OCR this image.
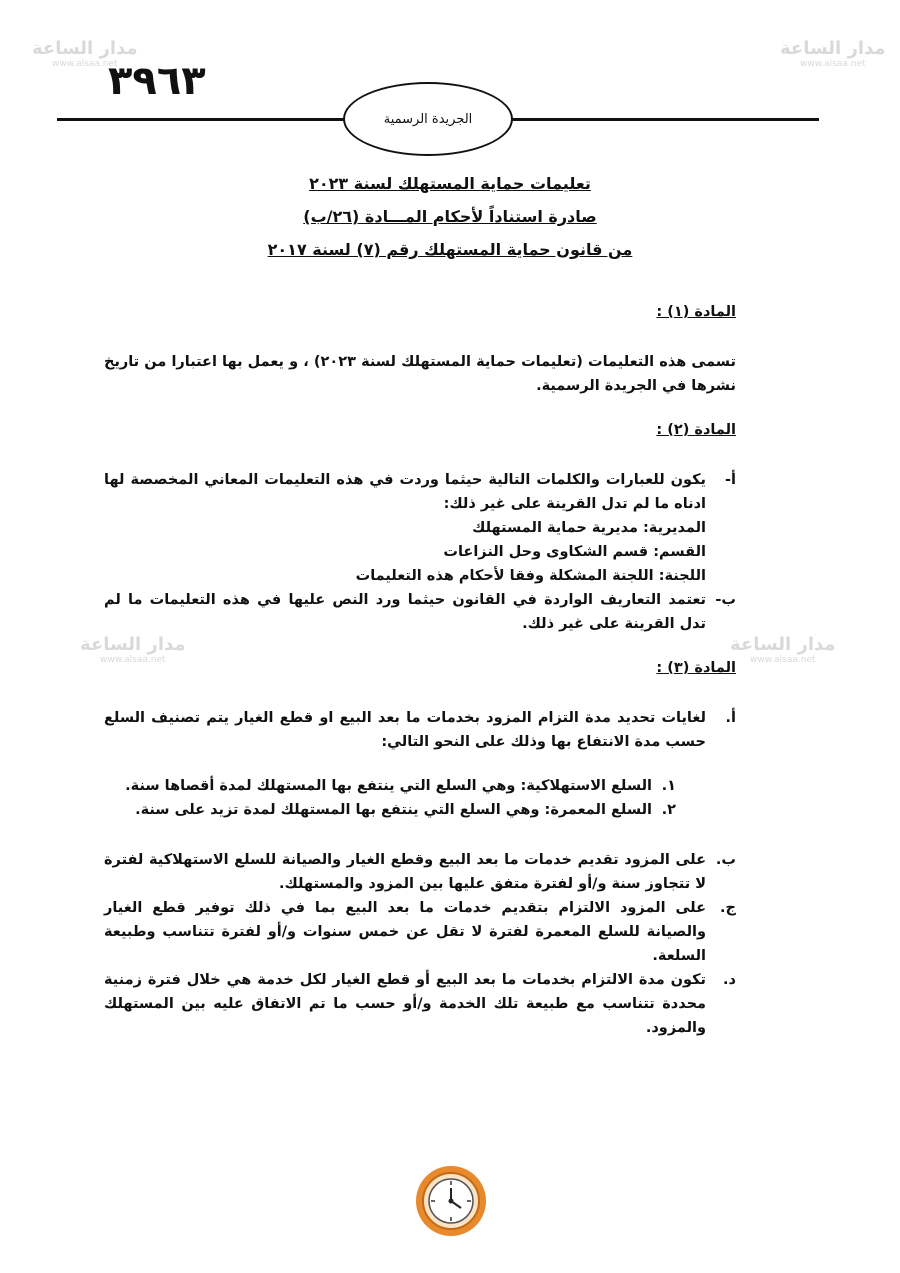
مدار الساعة
www.alsaa.net
مدار الساعة
www.alsaa.net
مدار الساعة
www.alsaa.net
مدار الساعة
www.alsaa.net
٣٩٦٣
الجريدة الرسمية

تعليمات حماية المستهلك لسنة ٢٠٢٣

صادرة استناداً لأحكام المـــادة (٢٦/ب)

من قانون حماية المستهلك رقم (٧) لسنة ٢٠١٧

المادة (١) :

تسمى هذه التعليمات (تعليمات حماية المستهلك لسنة ٢٠٢٣) ، و يعمل بها اعتبارا من تاريخ نشرها في الجريدة الرسمية.

المادة (٢) :

أ-
يكون للعبارات والكلمات التالية حيثما وردت في هذه التعليمات المعاني المخصصة لها ادناه ما لم تدل القرينة على غير ذلك:

المديرية: مديرية حماية المستهلك

القسم: قسم الشكاوى وحل النزاعات

اللجنة: اللجنة المشكلة وفقا لأحكام هذه التعليمات

ب-
تعتمد التعاريف الواردة في القانون حيثما ورد النص عليها في هذه التعليمات ما لم تدل القرينة على غير ذلك.

المادة (٣) :

أ.
لغايات تحديد مدة التزام المزود بخدمات ما بعد البيع او قطع الغيار يتم تصنيف السلع حسب مدة الانتفاع بها وذلك على النحو التالي:
١.
السلع الاستهلاكية: وهي السلع التي ينتفع بها المستهلك لمدة أقصاها سنة.
٢.
السلع المعمرة: وهي السلع التي ينتفع بها المستهلك لمدة تزيد على سنة.
ب.
على المزود تقديم خدمات ما بعد البيع وقطع الغيار والصيانة للسلع الاستهلاكية لفترة لا تتجاوز سنة و/أو لفترة متفق عليها بين المزود والمستهلك.
ج.
على المزود الالتزام بتقديم خدمات ما بعد البيع بما في ذلك توفير قطع الغيار والصيانة للسلع المعمرة لفترة لا تقل عن خمس سنوات و/أو لفترة تتناسب وطبيعة السلعة.
د.
تكون مدة الالتزام بخدمات ما بعد البيع أو قطع الغيار لكل خدمة هي خلال فترة زمنية محددة تتناسب مع طبيعة تلك الخدمة و/أو حسب ما تم الاتفاق عليه بين المستهلك والمزود.
